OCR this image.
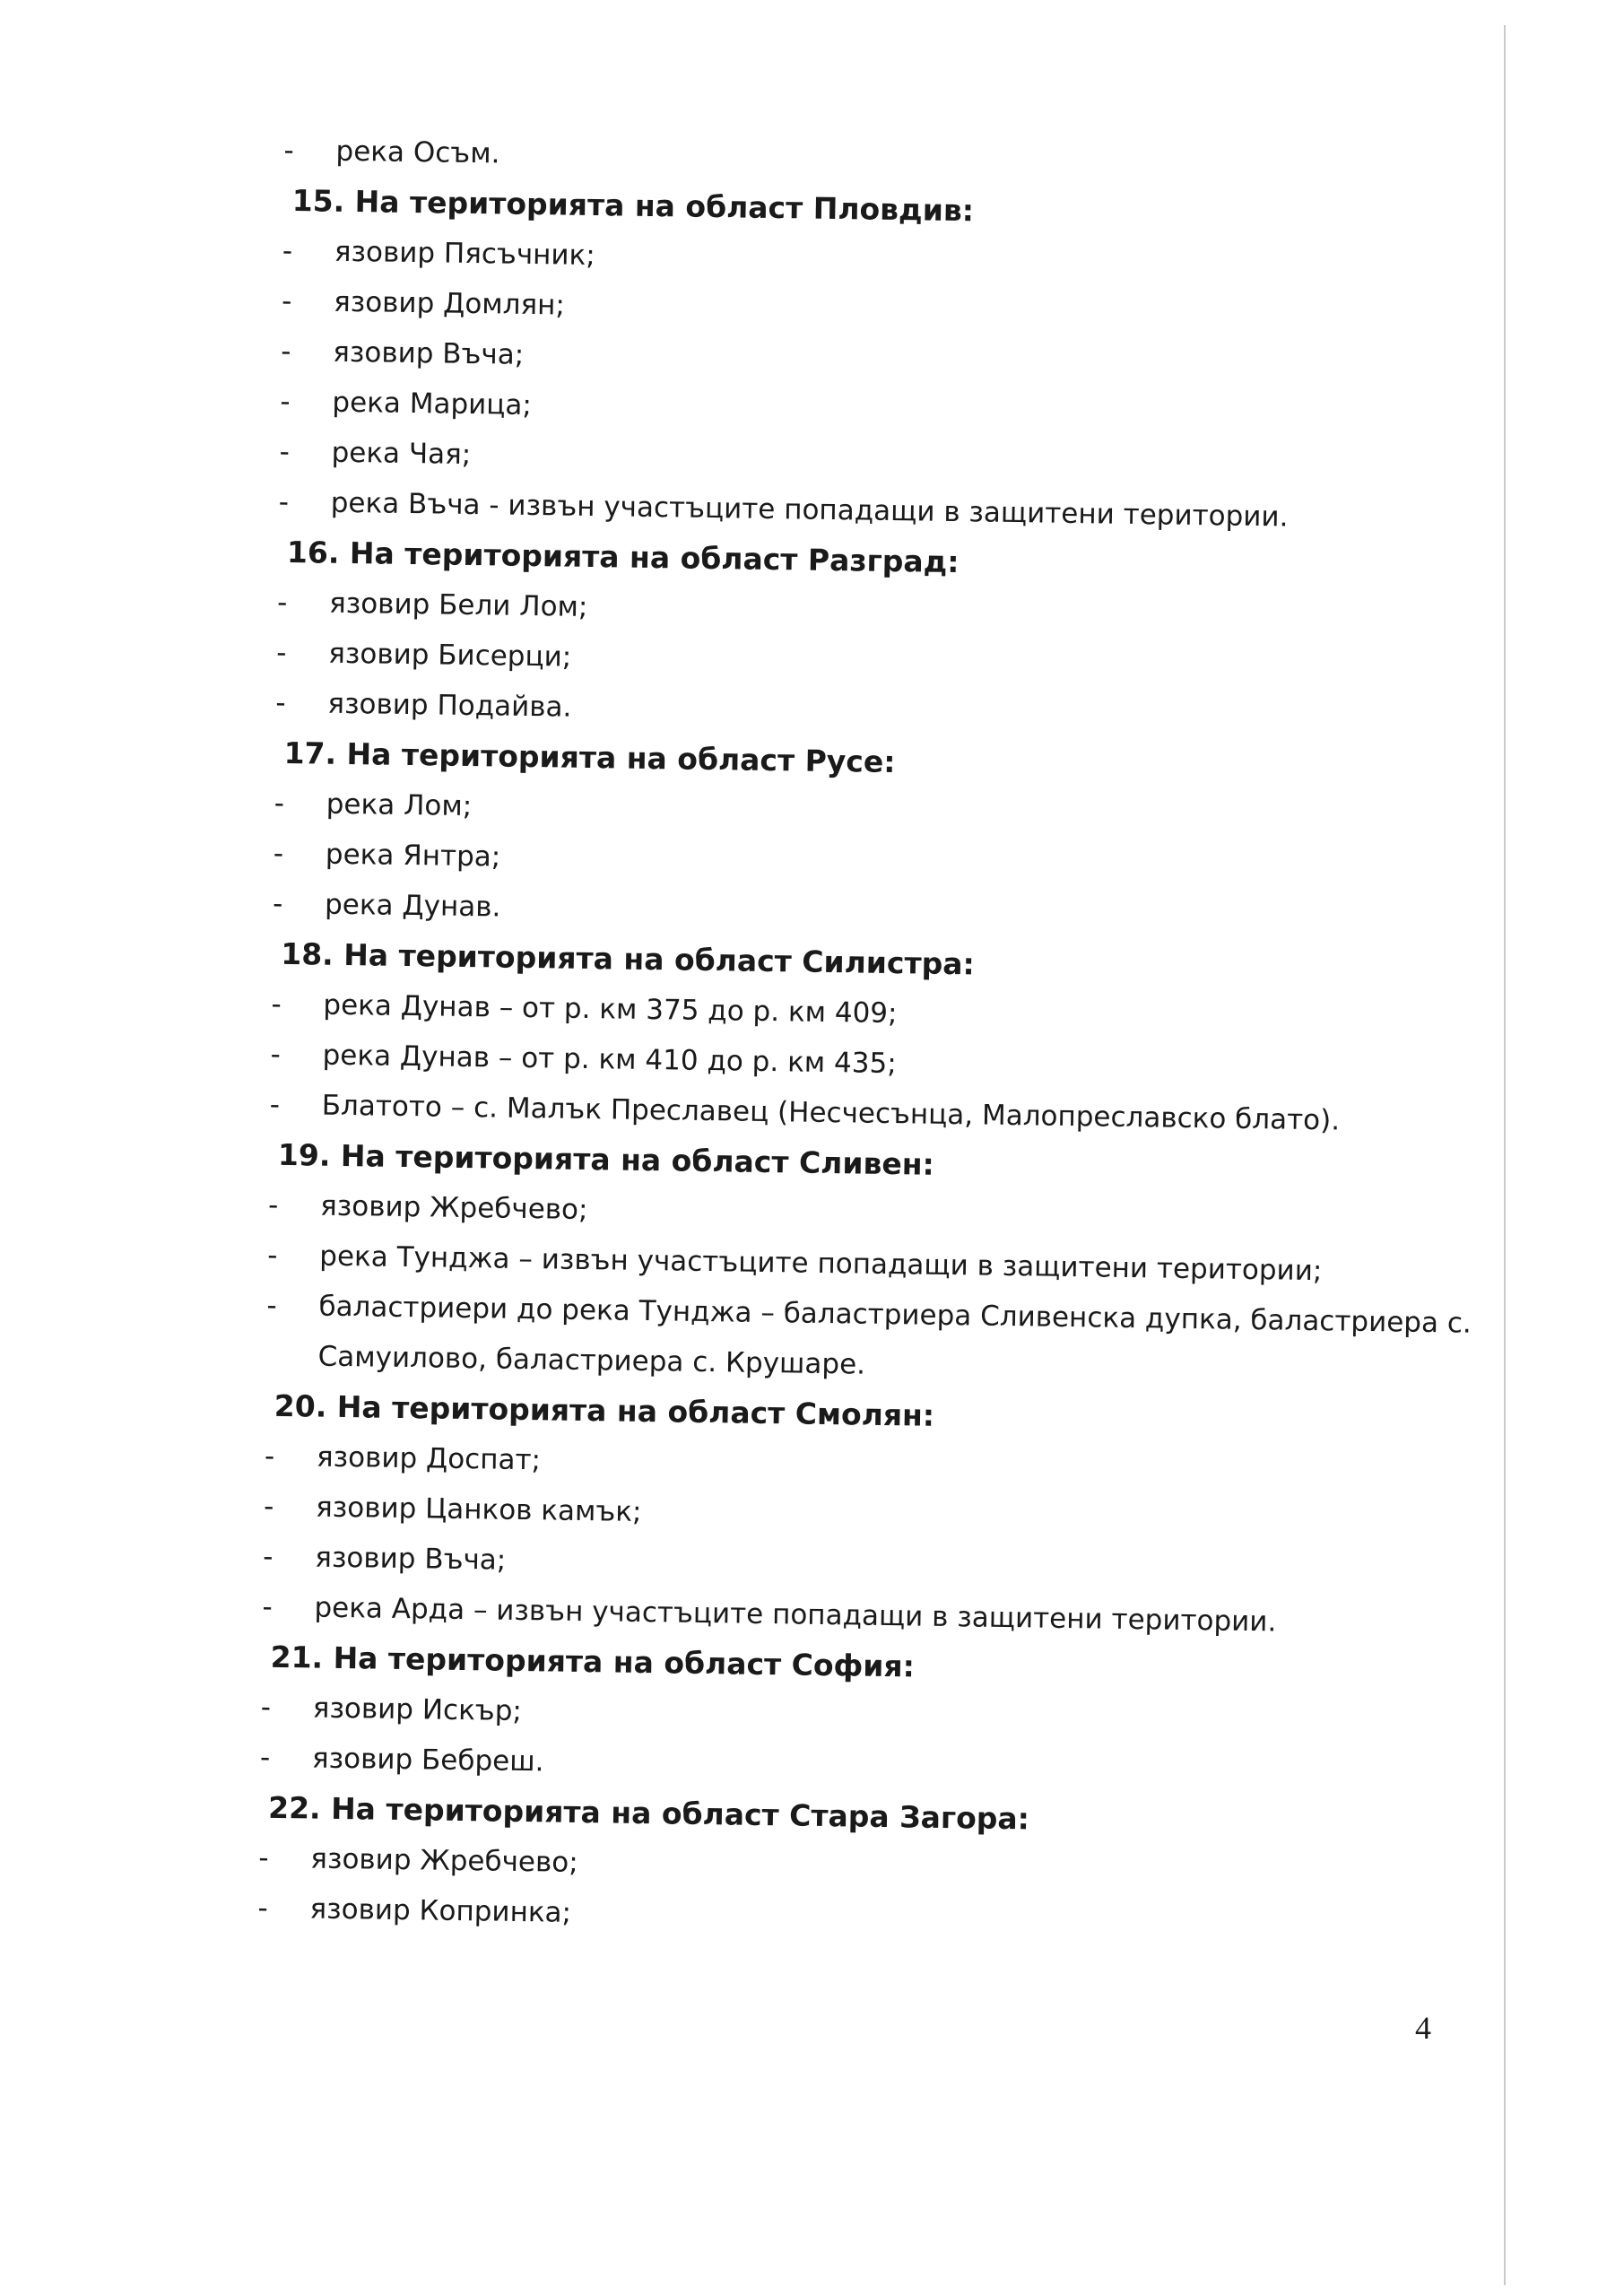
- река Осъм.
15. На територията на област Пловдив:
- язовир Пясъчник;
- язовир Домлян;
- язовир Въча;
- река Марица;
- река Чая;
- река Въча - извън участъците попадащи в защитени територии.
16. На територията на област Разград:
- язовир Бели Лом;
- язовир Бисерци;
- язовир Подайва.
17. На територията на област Русе:
- река Лом;
- река Янтра;
- река Дунав.
18. На територията на област Силистра:
- река Дунав – от р. км 375 до р. км 409;
- река Дунав – от р. км 410 до р. км 435;
- Блатото – с. Малък Преславец (Несчесънца, Малопреславско блато).
19. На територията на област Сливен:
- язовир Жребчево;
- река Тунджа – извън участъците попадащи в защитени територии;
- баластриери до река Тунджа – баластриера Сливенска дупка, баластриера с.
Самуилово, баластриера с. Крушаре.
20. На територията на област Смолян:
- язовир Доспат;
- язовир Цанков камък;
- язовир Въча;
- река Арда – извън участъците попадащи в защитени територии.
21. На територията на област София:
- язовир Искър;
- язовир Бебреш.
22. На територията на област Стара Загора:
- язовир Жребчево;
- язовир Копринка;
4
